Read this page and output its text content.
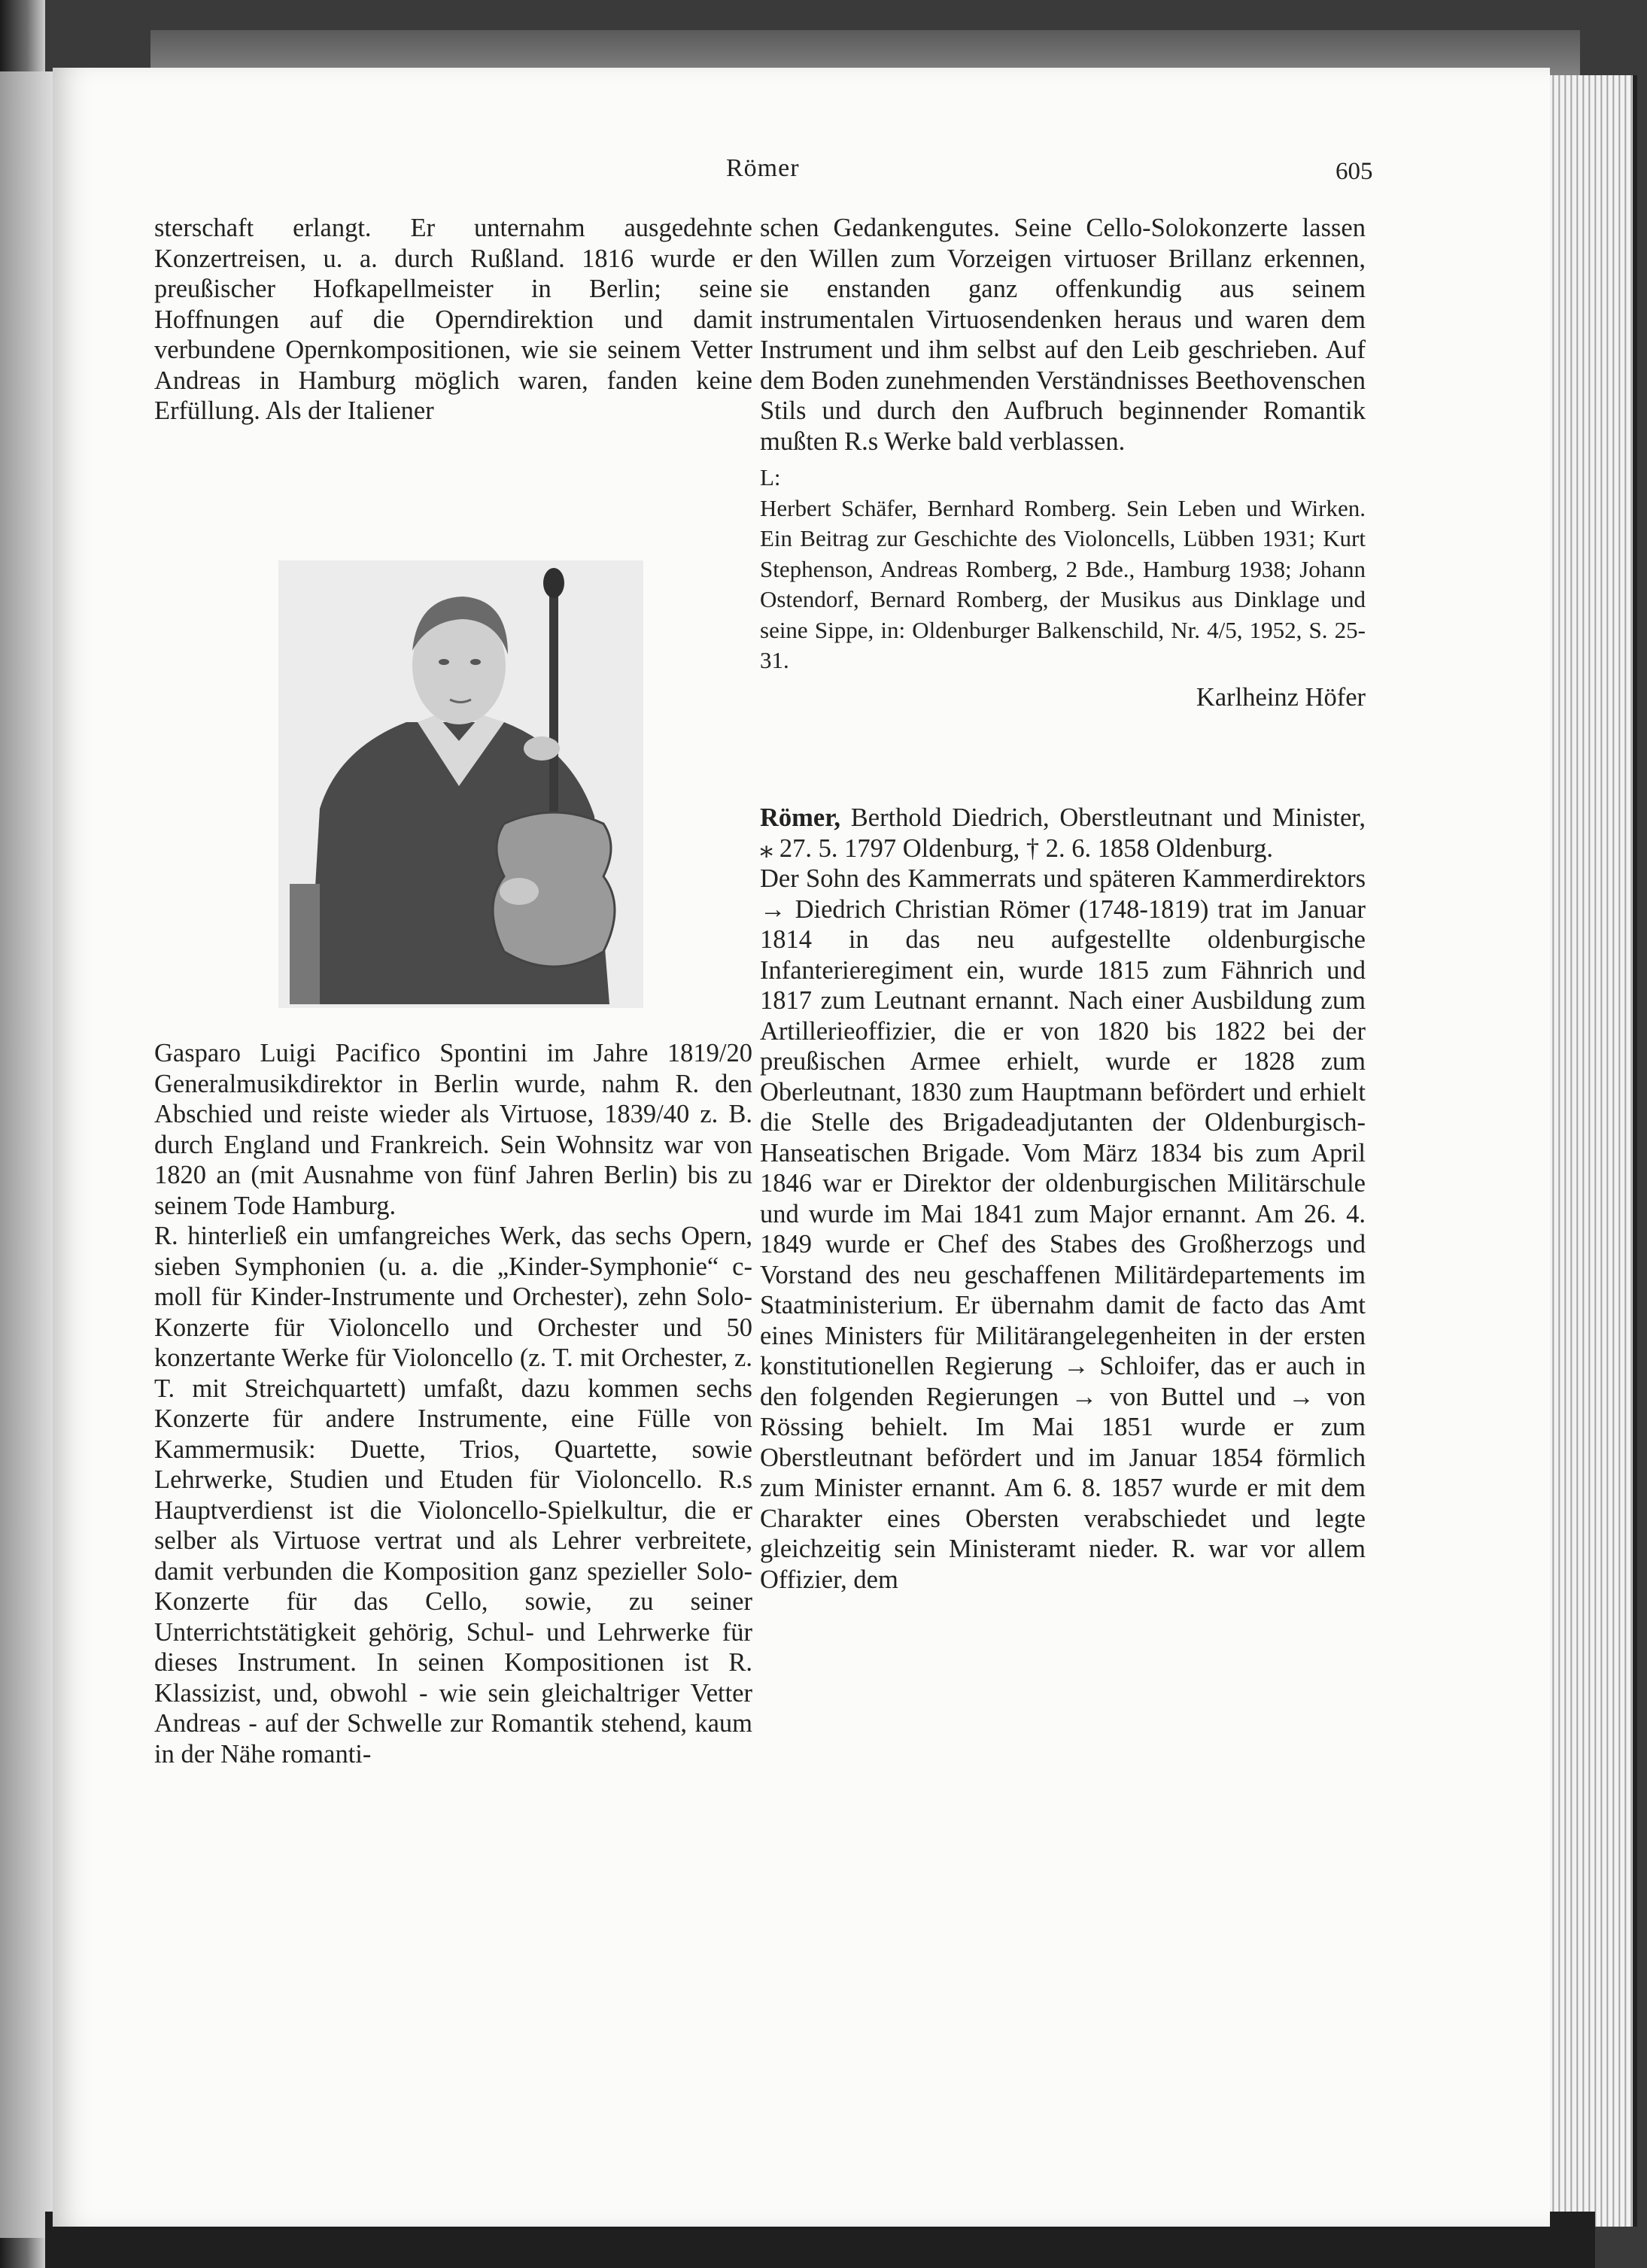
Römer	605

sterschaft erlangt. Er unternahm ausgedehnte Konzertreisen, u. a. durch Rußland. 1816 wurde er preußischer Hofkapellmeister in Berlin; seine Hoffnungen auf die Operndirektion und damit verbundene Opernkompositionen, wie sie seinem Vetter Andreas in Hamburg möglich waren, fanden keine Erfüllung. Als der Italiener

Gasparo Luigi Pacifico Spontini im Jahre 1819/20 Generalmusikdirektor in Berlin wurde, nahm R. den Abschied und reiste wieder als Virtuose, 1839/40 z. B. durch England und Frankreich. Sein Wohnsitz war von 1820 an (mit Ausnahme von fünf Jahren Berlin) bis zu seinem Tode Hamburg.

R. hinterließ ein umfangreiches Werk, das sechs Opern, sieben Symphonien (u. a. die „Kinder-Symphonie“ c-moll für Kinder-Instrumente und Orchester), zehn Solo-Konzerte für Violoncello und Orchester und 50 konzertante Werke für Violoncello (z. T. mit Orchester, z. T. mit Streichquartett) umfaßt, dazu kommen sechs Konzerte für andere Instrumente, eine Fülle von Kammermusik: Duette, Trios, Quartette, sowie Lehrwerke, Studien und Etuden für Violoncello. R.s Hauptverdienst ist die Violoncello-Spielkultur, die er selber als Virtuose vertrat und als Lehrer verbreitete, damit verbunden die Komposition ganz spezieller Solo-Konzerte für das Cello, sowie, zu seiner Unterrichtstätigkeit gehörig, Schul- und Lehrwerke für dieses Instrument. In seinen Kompositionen ist R. Klassizist, und, obwohl - wie sein gleichaltriger Vetter Andreas - auf der Schwelle zur Romantik stehend, kaum in der Nähe romanti-

schen Gedankengutes. Seine Cello-Solokonzerte lassen den Willen zum Vorzeigen virtuoser Brillanz erkennen, sie enstanden ganz offenkundig aus seinem instrumentalen Virtuosendenken heraus und waren dem Instrument und ihm selbst auf den Leib geschrieben. Auf dem Boden zunehmenden Verständnisses Beethovenschen Stils und durch den Aufbruch beginnender Romantik mußten R.s Werke bald verblassen.

L:

Herbert Schäfer, Bernhard Romberg. Sein Leben und Wirken. Ein Beitrag zur Geschichte des Violoncells, Lübben 1931; Kurt Stephenson, Andreas Romberg, 2 Bde., Hamburg 1938; Johann Ostendorf, Bernard Romberg, der Musikus aus Dinklage und seine Sippe, in: Oldenburger Balkenschild, Nr. 4/5, 1952, S. 25-31.

Karlheinz Höfer

Römer, Berthold Diedrich, Oberstleutnant und Minister, ⁎ 27. 5. 1797 Oldenburg, † 2. 6. 1858 Oldenburg.

Der Sohn des Kammerrats und späteren Kammerdirektors → Diedrich Christian Römer (1748-1819) trat im Januar 1814 in das neu aufgestellte oldenburgische Infanterieregiment ein, wurde 1815 zum Fähnrich und 1817 zum Leutnant ernannt. Nach einer Ausbildung zum Artillerieoffizier, die er von 1820 bis 1822 bei der preußischen Armee erhielt, wurde er 1828 zum Oberleutnant, 1830 zum Hauptmann befördert und erhielt die Stelle des Brigadeadjutanten der Oldenburgisch-Hanseatischen Brigade. Vom März 1834 bis zum April 1846 war er Direktor der oldenburgischen Militärschule und wurde im Mai 1841 zum Major ernannt. Am 26. 4. 1849 wurde er Chef des Stabes des Großherzogs und Vorstand des neu geschaffenen Militärdepartements im Staatministerium. Er übernahm damit de facto das Amt eines Ministers für Militärangelegenheiten in der ersten konstitutionellen Regierung → Schloifer, das er auch in den folgenden Regierungen → von Buttel und → von Rössing behielt. Im Mai 1851 wurde er zum Oberstleutnant befördert und im Januar 1854 förmlich zum Minister ernannt. Am 6. 8. 1857 wurde er mit dem Charakter eines Obersten verabschiedet und legte gleichzeitig sein Ministeramt nieder. R. war vor allem Offizier, dem
